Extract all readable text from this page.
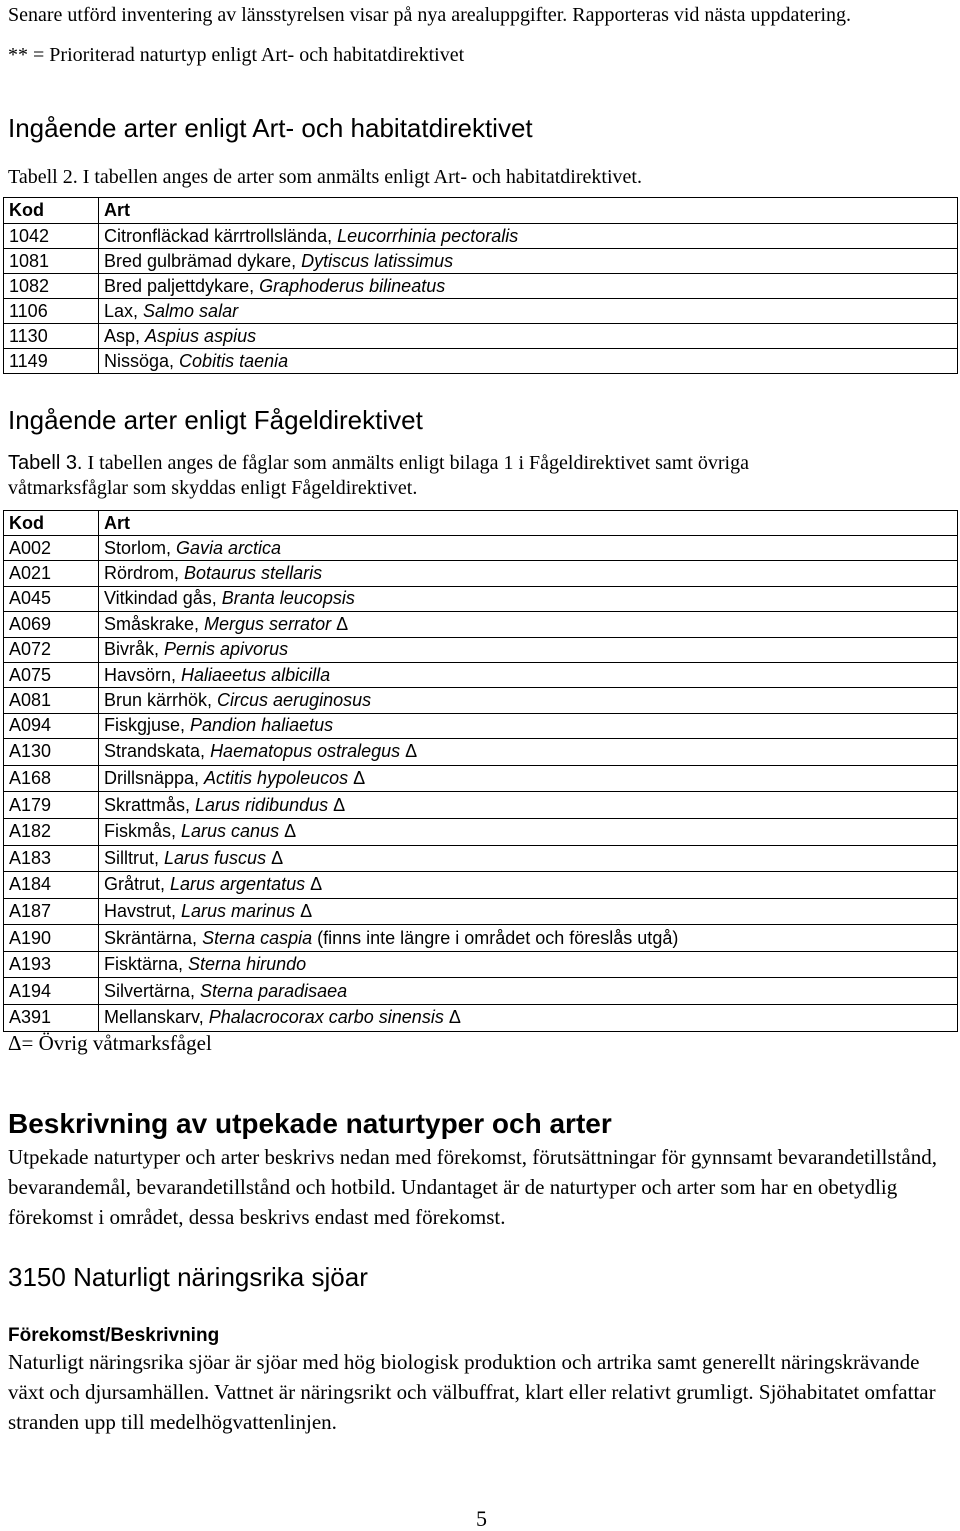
Senare utförd inventering av länsstyrelsen visar på nya arealuppgifter. Rapporteras vid nästa uppdatering.

** = Prioriterad naturtyp enligt Art- och habitatdirektivet

Ingående arter enligt Art- och habitatdirektivet

Tabell 2. I tabellen anges de arter som anmälts enligt Art- och habitatdirektivet.

Kod	Art
1042	Citronfläckad kärrtrollslända, Leucorrhinia pectoralis
1081	Bred gulbrämad dykare, Dytiscus latissimus
1082	Bred paljettdykare, Graphoderus bilineatus
1106	Lax, Salmo salar
1130	Asp, Aspius aspius
1149	Nissöga, Cobitis taenia
Ingående arter enligt Fågeldirektivet

Tabell 3. I tabellen anges de fåglar som anmälts enligt bilaga 1 i Fågeldirektivet samt övriga

våtmarksfåglar som skyddas enligt Fågeldirektivet.

Kod	Art
A002	Storlom, Gavia arctica
A021	Rördrom, Botaurus stellaris
A045	Vitkindad gås, Branta leucopsis
A069	Småskrake, Mergus serrator Δ
A072	Bivråk, Pernis apivorus
A075	Havsörn, Haliaeetus albicilla
A081	Brun kärrhök, Circus aeruginosus
A094	Fiskgjuse, Pandion haliaetus
A130	Strandskata, Haematopus ostralegus Δ
A168	Drillsnäppa, Actitis hypoleucos Δ
A179	Skrattmås, Larus ridibundus Δ
A182	Fiskmås, Larus canus Δ
A183	Silltrut, Larus fuscus Δ
A184	Gråtrut, Larus argentatus Δ
A187	Havstrut, Larus marinus Δ
A190	Skräntärna, Sterna caspia (finns inte längre i området och föreslås utgå)
A193	Fisktärna, Sterna hirundo
A194	Silvertärna, Sterna paradisaea
A391	Mellanskarv, Phalacrocorax carbo sinensis Δ

Δ= Övrig våtmarksfågel

Beskrivning av utpekade naturtyper och arter

Utpekade naturtyper och arter beskrivs nedan med förekomst, förutsättningar för gynnsamt bevarandetillstånd, bevarandemål, bevarandetillstånd och hotbild. Undantaget är de naturtyper och arter som har en obetydlig förekomst i området, dessa beskrivs endast med förekomst.

3150 Naturligt näringsrika sjöar
Förekomst/Beskrivning

Naturligt näringsrika sjöar är sjöar med hög biologisk produktion och artrika samt generellt näringskrävande växt och djursamhällen. Vattnet är näringsrikt och välbuffrat, klart eller relativt grumligt. Sjöhabitatet omfattar stranden upp till medelhögvattenlinjen.

5
